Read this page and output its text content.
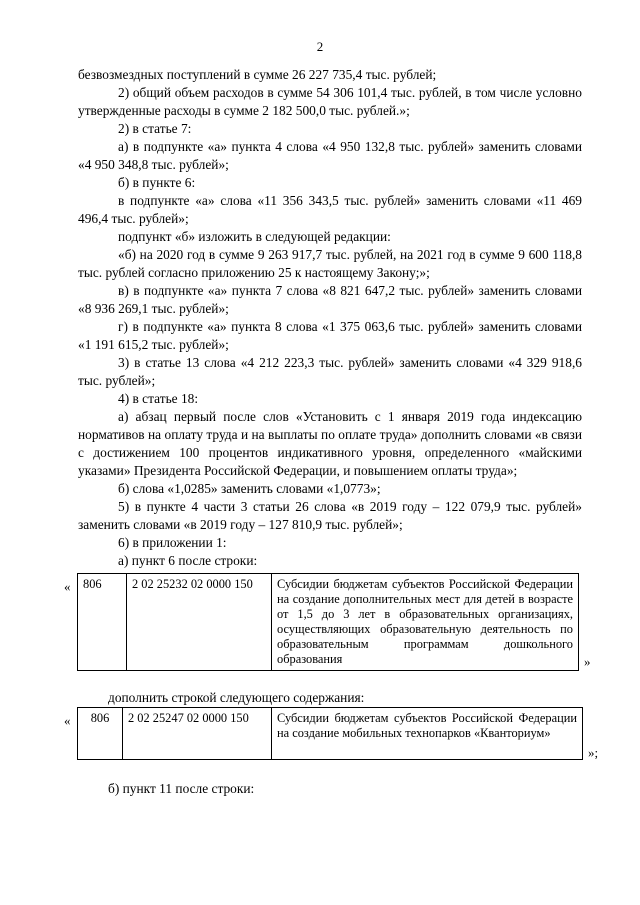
2

безвозмездных поступлений в сумме 26 227 735,4 тыс. рублей;

2) общий объем расходов в сумме 54 306 101,4 тыс. рублей, в том числе условно утвержденные расходы в сумме 2 182 500,0 тыс. рублей.»;

2) в статье 7:

а) в подпункте «а» пункта 4 слова «4 950 132,8 тыс. рублей» заменить словами «4 950 348,8 тыс. рублей»;

б) в пункте 6:

в подпункте «а» слова «11 356 343,5 тыс. рублей» заменить словами «11 469 496,4 тыс. рублей»;

подпункт «б» изложить в следующей редакции:

«б) на 2020 год в сумме 9 263 917,7 тыс. рублей, на 2021 год в сумме 9 600 118,8 тыс. рублей согласно приложению 25 к настоящему Закону;»;

в) в подпункте «а» пункта 7 слова «8 821 647,2 тыс. рублей» заменить словами «8 936 269,1 тыс. рублей»;

г) в подпункте «а» пункта 8 слова «1 375 063,6 тыс. рублей» заменить словами «1 191 615,2 тыс. рублей»;

3) в статье 13 слова «4 212 223,3 тыс. рублей» заменить словами «4 329 918,6 тыс. рублей»;

4) в статье 18:

а) абзац первый после слов «Установить с 1 января 2019 года индексацию нормативов на оплату труда и на выплаты по оплате труда» дополнить словами «в связи с достижением 100 процентов индикативного уровня, определенного «майскими указами» Президента Российской Федерации, и повышением оплаты труда»;

б) слова «1,0285» заменить словами «1,0773»;

5) в пункте 4 части 3 статьи 26 слова «в 2019 году – 122 079,9 тыс. рублей» заменить словами «в 2019 году – 127 810,9 тыс. рублей»;

6) в приложении 1:

а) пункт 6 после строки:

« 806	2 02 25232 02 0000 150	Субсидии бюджетам субъектов Российской Федерации на создание дополнительных мест для детей в возрасте от 1,5 до 3 лет в образовательных организациях, осуществляющих образовательную деятельность по образовательным программам дошкольного образования	»
дополнить строкой следующего содержания:
« 806	2 02 25247 02 0000 150	Субсидии бюджетам субъектов Российской Федерации на создание мобильных технопарков «Кванториум»
»;
б) пункт 11 после строки:
